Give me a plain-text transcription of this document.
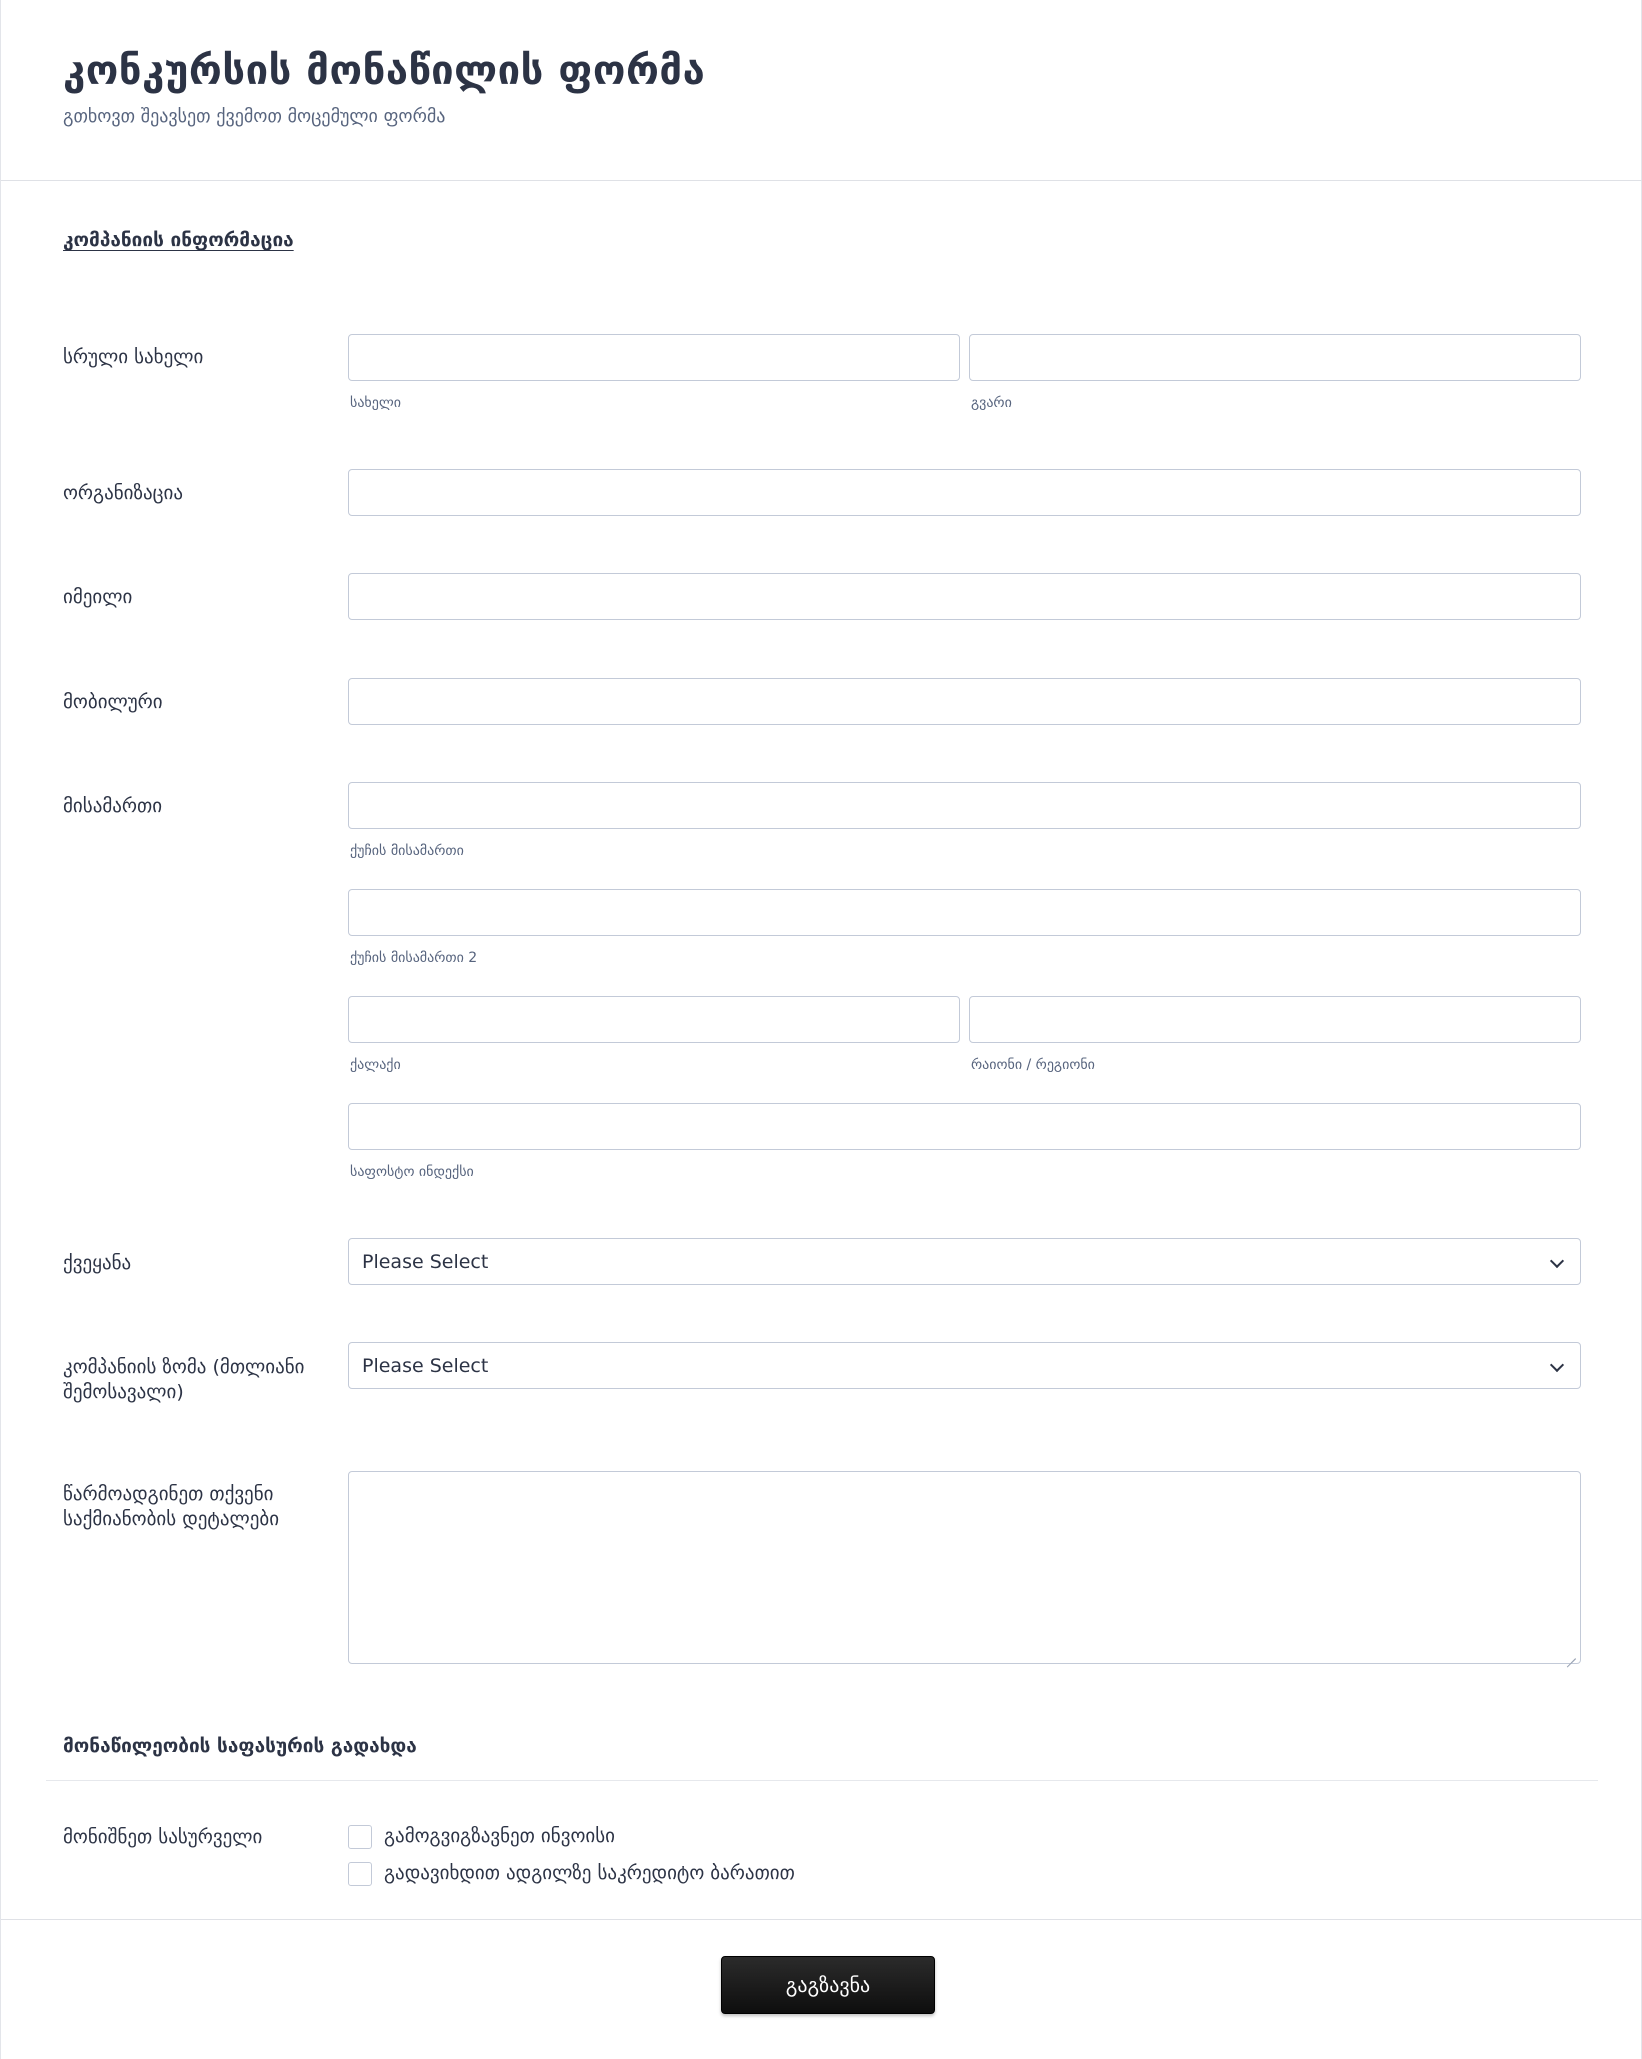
კონკურსის მონაწილის ფორმა
გთხოვთ შეავსეთ ქვემოთ მოცემული ფორმა
კომპანიის ინფორმაცია
სრული სახელი
სახელი	გვარი
ორგანიზაცია
იმეილი
მობილური
მისამართი
ქუჩის მისამართი
ქუჩის მისამართი 2
ქალაქი	რაიონი / რეგიონი
საფოსტო ინდექსი
ქვეყანა	Please Select
კომპანიის ზომა (მთლიანი შემოსავალი)
Please Select
წარმოადგინეთ თქვენი საქმიანობის დეტალები
მონაწილეობის საფასურის გადახდა
მონიშნეთ სასურველი	გამოგვიგზავნეთ ინვოისი
გადავიხდით ადგილზე საკრედიტო ბარათით
გაგზავნა
